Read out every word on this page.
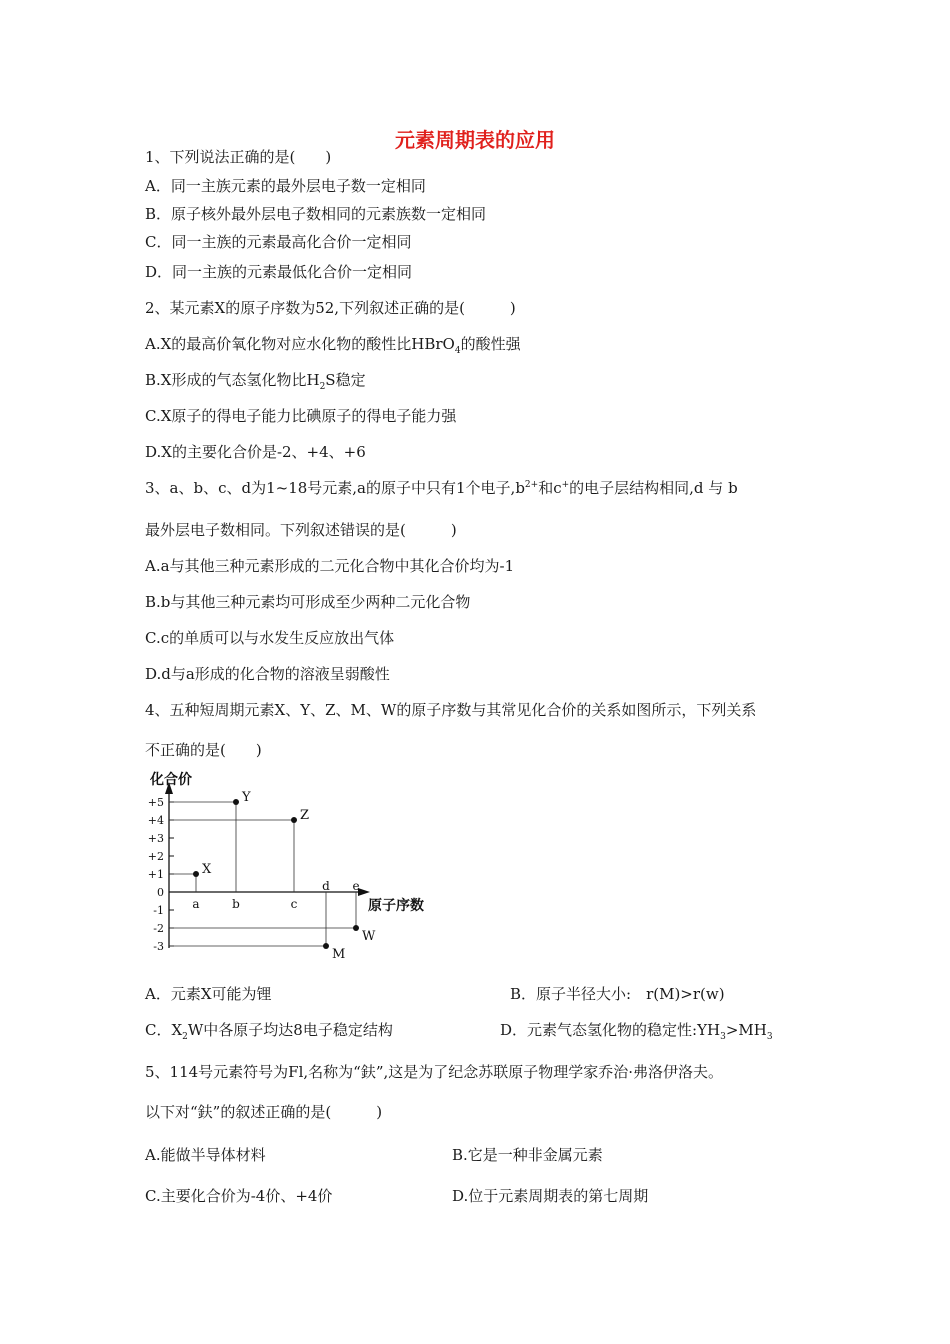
元素周期表的应用
1、下列说法正确的是(　　)
A．同一主族元素的最外层电子数一定相同
B．原子核外最外层电子数相同的元素族数一定相同
C．同一主族的元素最高化合价一定相同
D．同一主族的元素最低化合价一定相同
2、某元素X的原子序数为52,下列叙述正确的是(　　　)
A.X的最高价氧化物对应水化物的酸性比HBrO$_4$的酸性强
B.X形成的气态氢化物比$H_2S$稳定
C.X原子的得电子能力比碘原子的得电子能力强
D.X的主要化合价是-2、+4、+6
3、a、b、c、d为1~18号元素,a的原子中只有1个电子$,b^{2+}$和c+的电子层结构相同,d 与 b
最外层电子数相同。下列叙述错误的是(　　　)
A.a与其他三种元素形成的二元化合物中其化合价均为-1
B.b与其他三种元素均可形成至少两种二元化合物
C.c的单质可以与水发生反应放出气体
D.d与a形成的化合物的溶液呈弱酸性
4、五种短周期元素X、Y、Z、M、W的原子序数与其常见化合价的关系如图所示，下列关系
不正确的是(　　)
化合价
原子序数
+5
+4
+3
+2
+1
0
-1
-2
-3
a	b	c
d e
X
Y
Z
M
W
A．元素X可能为锂	B．原子半径大小:　r(M)>r(w)
C．$X_2W$中各原子均达8电子稳定结构	D．元素气态氢化物的稳定性$:YH_3>MH_3$
5、114号元素符号为Fl,名称为“鈇”,这是为了纪念苏联原子物理学家乔治·弗洛伊洛夫。
以下对“鈇”的叙述正确的是(　　　)
A.能做半导体材料	B.它是一种非金属元素
C.主要化合价为-4价、+4价	D.位于元素周期表的第七周期
